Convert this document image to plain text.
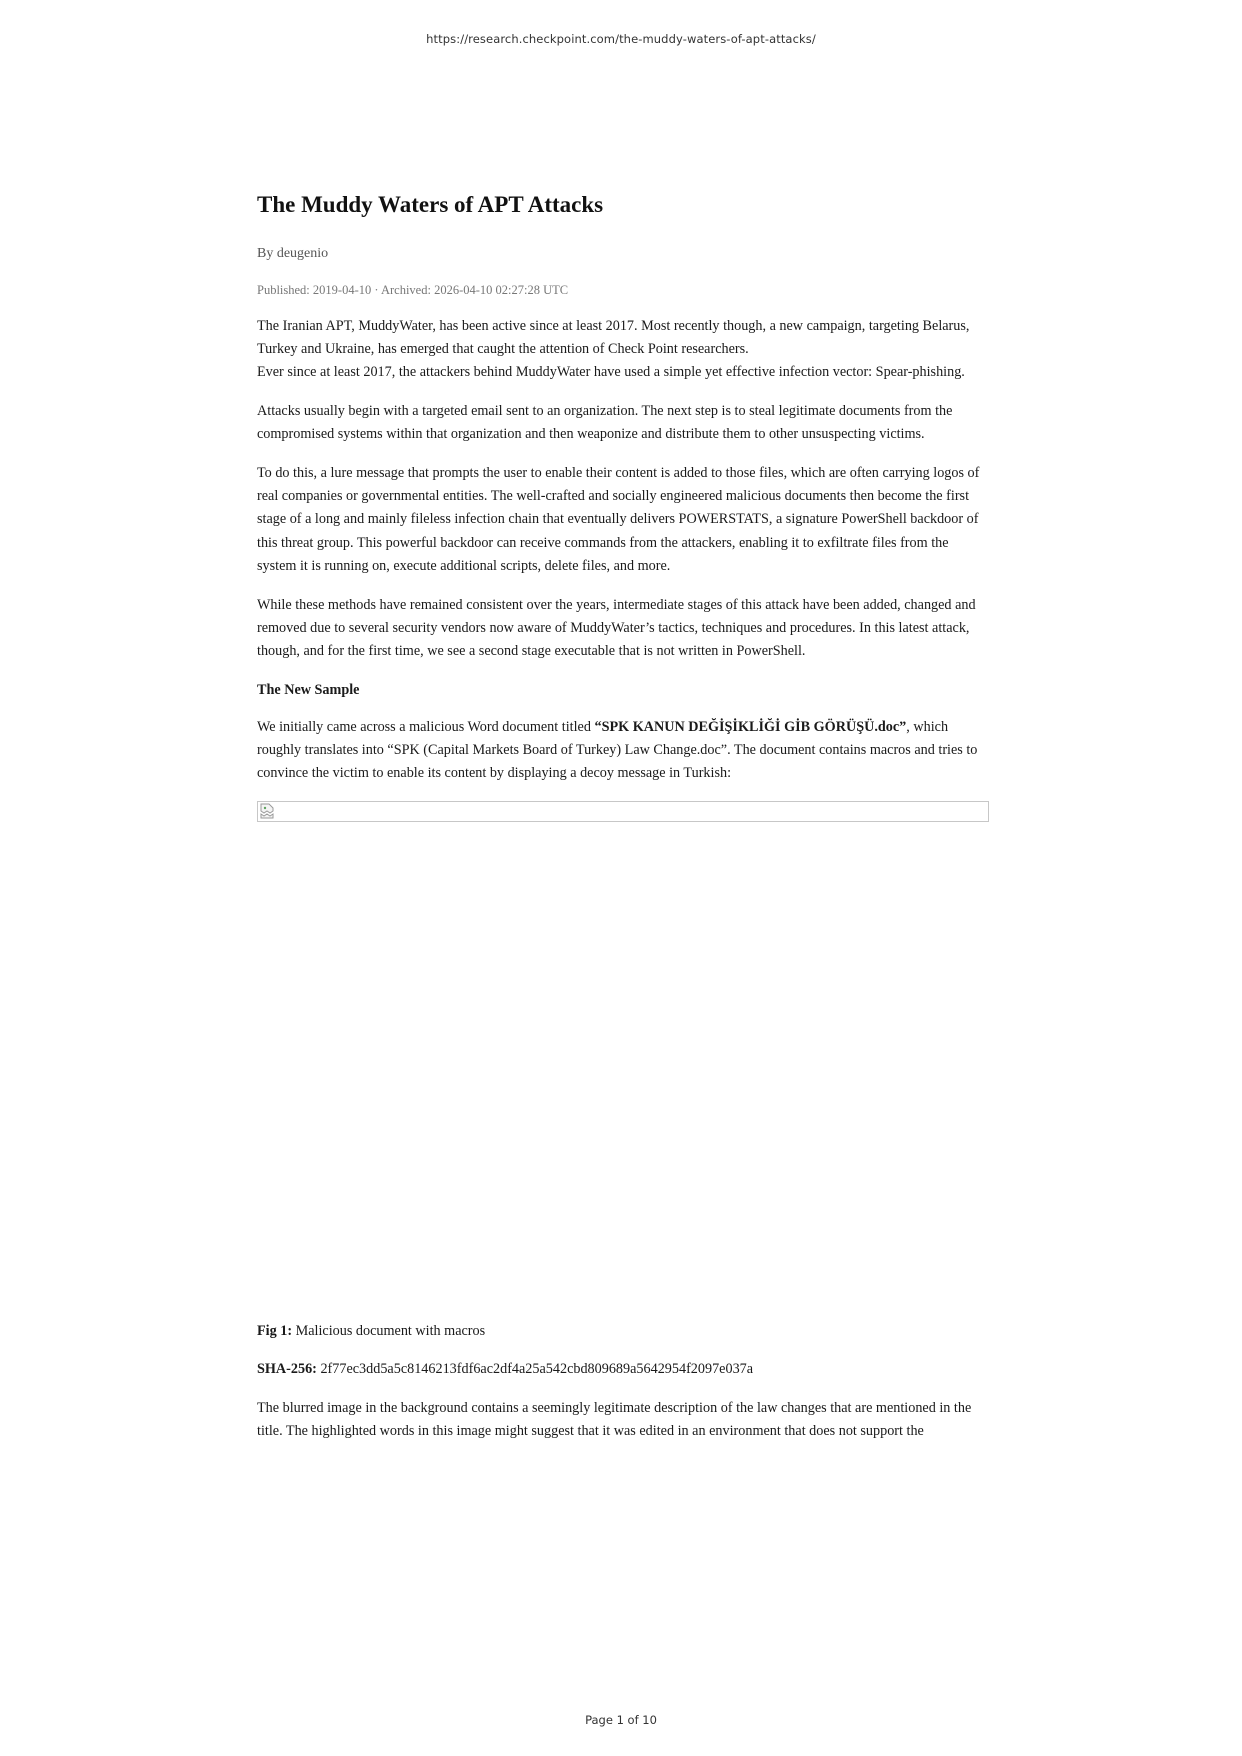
https://research.checkpoint.com/the-muddy-waters-of-apt-attacks/
The Muddy Waters of APT Attacks
By deugenio
Published: 2019-04-10 · Archived: 2026-04-10 02:27:28 UTC

The Iranian APT, MuddyWater, has been active since at least 2017. Most recently though, a new campaign, targeting Belarus, Turkey and Ukraine, has emerged that caught the attention of Check Point researchers.

Ever since at least 2017, the attackers behind MuddyWater have used a simple yet effective infection vector: Spear-phishing.

Attacks usually begin with a targeted email sent to an organization. The next step is to steal legitimate documents from the compromised systems within that organization and then weaponize and distribute them to other unsuspecting victims.

To do this, a lure message that prompts the user to enable their content is added to those files, which are often carrying logos of real companies or governmental entities. The well-crafted and socially engineered malicious documents then become the first stage of a long and mainly fileless infection chain that eventually delivers POWERSTATS, a signature PowerShell backdoor of this threat group. This powerful backdoor can receive commands from the attackers, enabling it to exfiltrate files from the system it is running on, execute additional scripts, delete files, and more.

While these methods have remained consistent over the years, intermediate stages of this attack have been added, changed and removed due to several security vendors now aware of MuddyWater’s tactics, techniques and procedures. In this latest attack, though, and for the first time, we see a second stage executable that is not written in PowerShell.

The New Sample

We initially came across a malicious Word document titled “SPK KANUN DEĞİŞİKLİĞİ GİB GÖRÜŞÜ.doc”, which roughly translates into “SPK (Capital Markets Board of Turkey) Law Change.doc”. The document contains macros and tries to convince the victim to enable its content by displaying a decoy message in Turkish:

Fig 1: Malicious document with macros

SHA-256: 2f77ec3dd5a5c8146213fdf6ac2df4a25a542cbd809689a5642954f2097e037a

The blurred image in the background contains a seemingly legitimate description of the law changes that are mentioned in the title. The highlighted words in this image might suggest that it was edited in an environment that does not support the

Page 1 of 10
